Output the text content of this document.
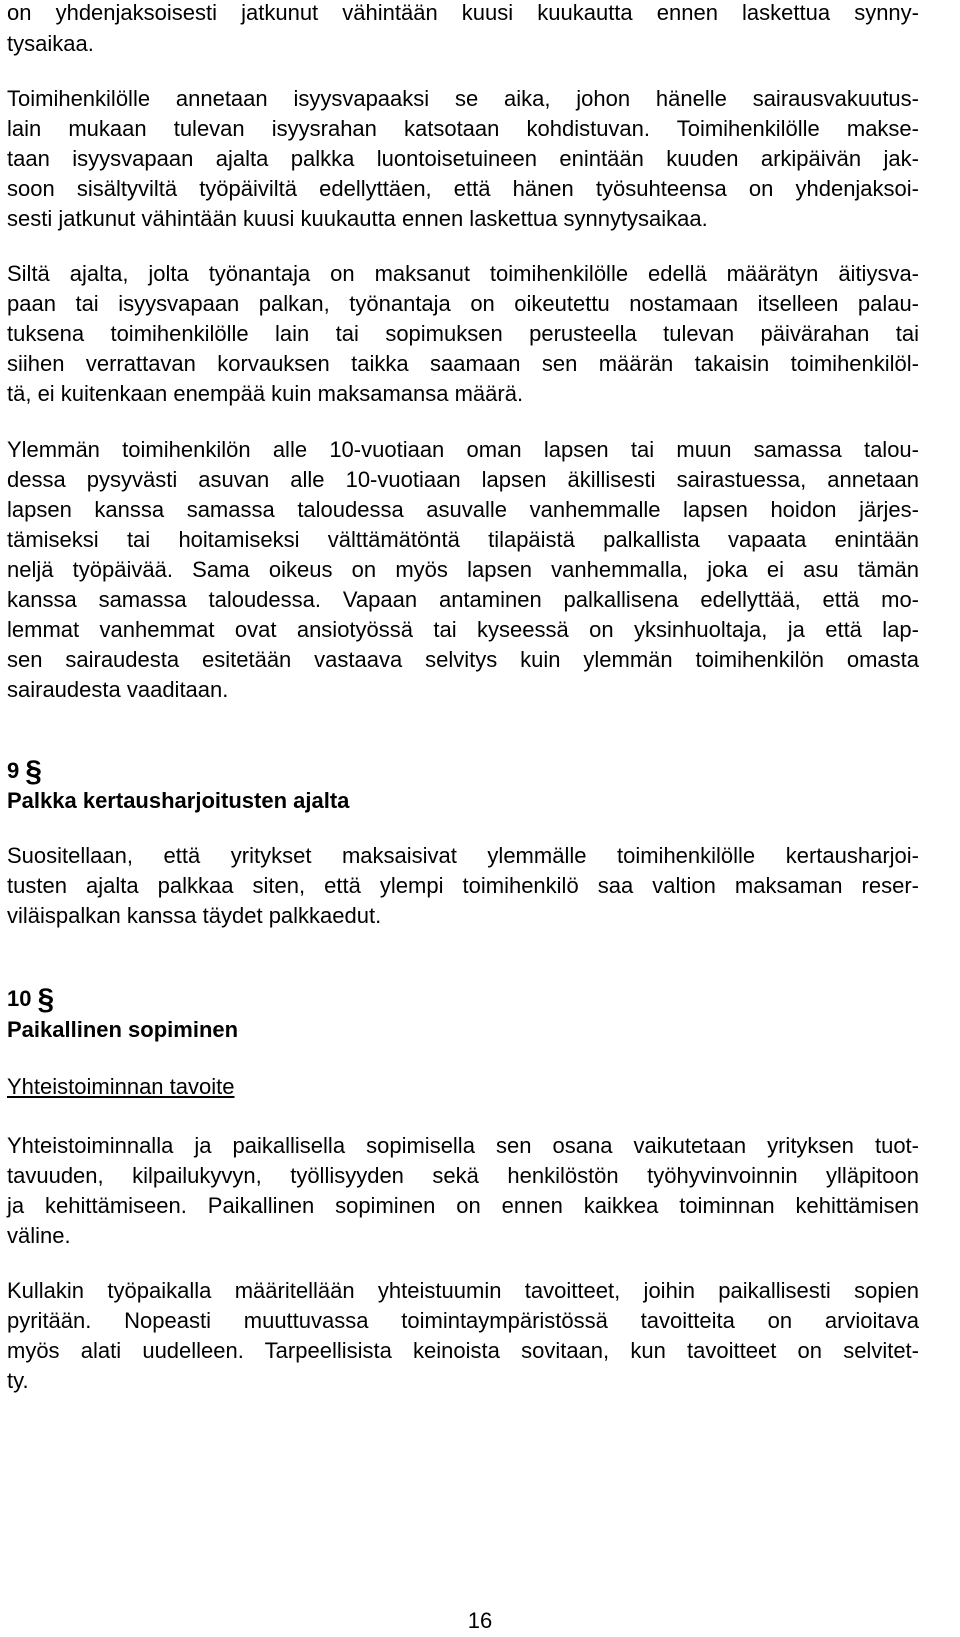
on yhdenjaksoisesti jatkunut vähintään kuusi kuukautta ennen laskettua synny-
tysaikaa.
Toimihenkilölle annetaan isyysvapaaksi se aika, johon hänelle sairausvakuutus-
lain mukaan tulevan isyysrahan katsotaan kohdistuvan. Toimihenkilölle makse-
taan isyysvapaan ajalta palkka luontoisetuineen enintään kuuden arkipäivän jak-
soon sisältyviltä työpäiviltä edellyttäen, että hänen työsuhteensa on yhdenjaksoi-
sesti jatkunut vähintään kuusi kuukautta ennen laskettua synnytysaikaa.
Siltä ajalta, jolta työnantaja on maksanut toimihenkilölle edellä määrätyn äitiysva-
paan tai isyysvapaan palkan, työnantaja on oikeutettu nostamaan itselleen palau-
tuksena toimihenkilölle lain tai sopimuksen perusteella tulevan päivärahan tai
siihen verrattavan korvauksen taikka saamaan sen määrän takaisin toimihenkilöl-
tä, ei kuitenkaan enempää kuin maksamansa määrä.
Ylemmän toimihenkilön alle 10-vuotiaan oman lapsen tai muun samassa talou-
dessa pysyvästi asuvan alle 10-vuotiaan lapsen äkillisesti sairastuessa, annetaan
lapsen kanssa samassa taloudessa asuvalle vanhemmalle lapsen hoidon järjes-
tämiseksi tai hoitamiseksi välttämätöntä tilapäistä palkallista vapaata enintään
neljä työpäivää. Sama oikeus on myös lapsen vanhemmalla, joka ei asu tämän
kanssa samassa taloudessa. Vapaan antaminen palkallisena edellyttää, että mo-
lemmat vanhemmat ovat ansiotyössä tai kyseessä on yksinhuoltaja, ja että lap-
sen sairaudesta esitetään vastaava selvitys kuin ylemmän toimihenkilön omasta
sairaudesta vaaditaan.
9 §
Palkka kertausharjoitusten ajalta
Suositellaan, että yritykset maksaisivat ylemmälle toimihenkilölle kertausharjoi-
tusten ajalta palkkaa siten, että ylempi toimihenkilö saa valtion maksaman reser-
viläispalkan kanssa täydet palkkaedut.
10 §
Paikallinen sopiminen
Yhteistoiminnan tavoite
Yhteistoiminnalla ja paikallisella sopimisella sen osana vaikutetaan yrityksen tuot-
tavuuden, kilpailukyvyn, työllisyyden sekä henkilöstön työhyvinvoinnin ylläpitoon
ja kehittämiseen. Paikallinen sopiminen on ennen kaikkea toiminnan kehittämisen
väline.
Kullakin työpaikalla määritellään yhteistuumin tavoitteet, joihin paikallisesti sopien
pyritään. Nopeasti muuttuvassa toimintaympäristössä tavoitteita on arvioitava
myös alati uudelleen. Tarpeellisista keinoista sovitaan, kun tavoitteet on selvitet-
ty.
16
